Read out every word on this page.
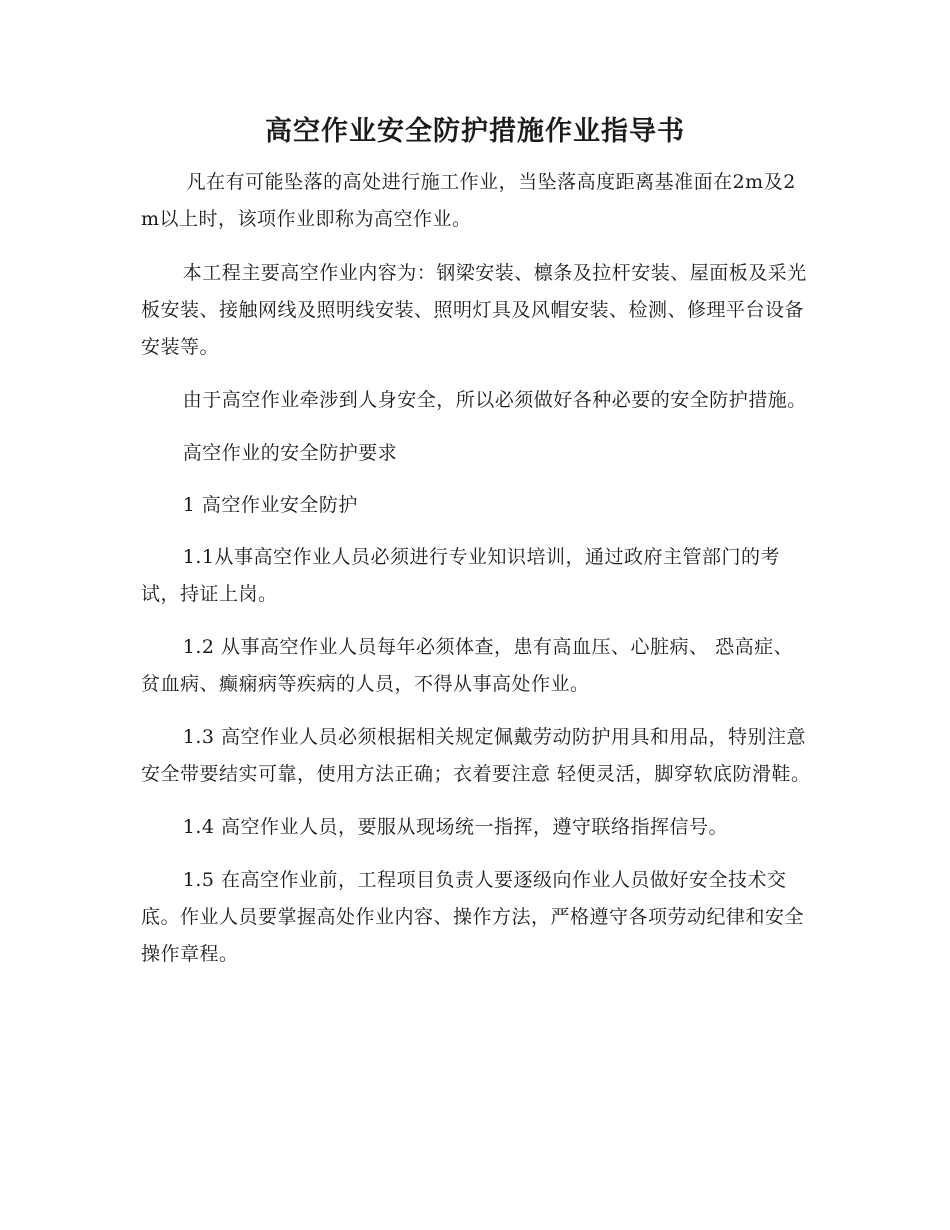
高空作业安全防护措施作业指导书

凡在有可能坠落的高处进行施工作业，当坠落高度距离基准面在2m及2m以上时，该项作业即称为高空作业。

本工程主要高空作业内容为：钢梁安装、檩条及拉杆安装、屋面板及采光板安装、接触网线及照明线安装、照明灯具及风帽安装、检测、修理平台设备安装等。

由于高空作业牵涉到人身安全，所以必须做好各种必要的安全防护措施。

高空作业的安全防护要求

1 高空作业安全防护

1.1从事高空作业人员必须进行专业知识培训，通过政府主管部门的考试，持证上岗。

1.2 从事高空作业人员每年必须体查，患有高血压、心脏病、 恐高症、贫血病、癫痫病等疾病的人员，不得从事高处作业。

1.3 高空作业人员必须根据相关规定佩戴劳动防护用具和用品，特别注意安全带要结实可靠，使用方法正确；衣着要注意 轻便灵活，脚穿软底防滑鞋。

1.4 高空作业人员，要服从现场统一指挥，遵守联络指挥信号。

1.5 在高空作业前，工程项目负责人要逐级向作业人员做好安全技术交底。作业人员要掌握高处作业内容、操作方法，严格遵守各项劳动纪律和安全操作章程。
